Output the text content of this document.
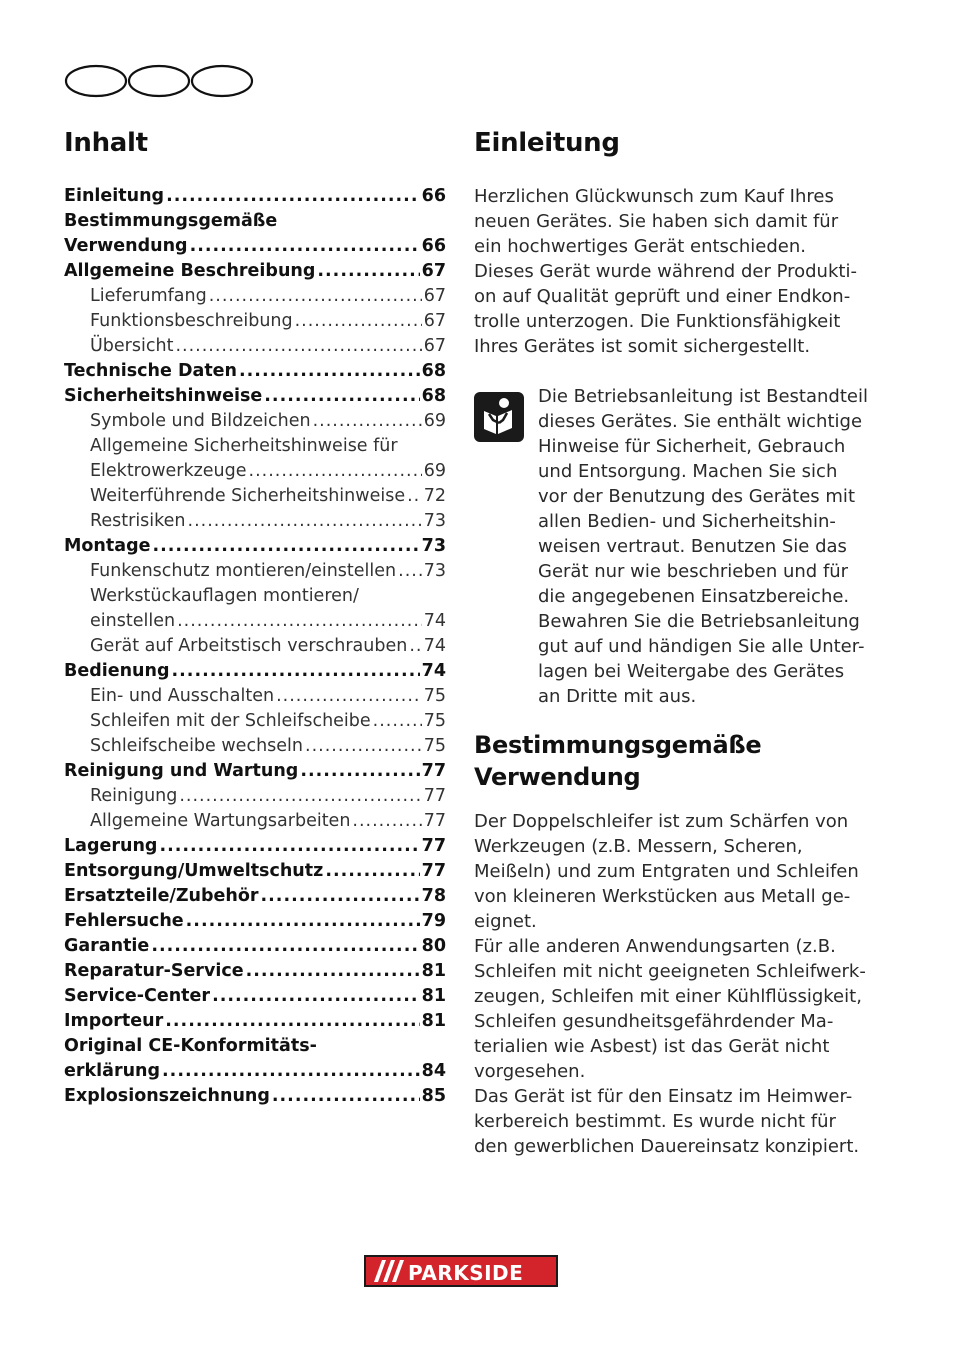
Inhalt
Einleitung .....	66
Bestimmungsgemäße
Verwendung .....	66
Allgemeine Beschreibung .....	67
Lieferumfang .....	67
Funktionsbeschreibung .....	67
Übersicht .....	67
Technische Daten .....	68
Sicherheitshinweise .....	68
Symbole und Bildzeichen .....	69
Allgemeine Sicherheitshinweise für
Elektrowerkzeuge .....	69
Weiterführende Sicherheitshinweise ..... 72
Restrisiken .....	73
Montage .....	73
Funkenschutz montieren/einstellen ..... 73
Werkstückauflagen montieren/
einstellen .....	74
Gerät auf Arbeitstisch verschrauben ..... 74
Bedienung .....	74
Ein- und Ausschalten .....	75
Schleifen mit der Schleifscheibe .....	75
Schleifscheibe wechseln .....	75
Reinigung und Wartung .....	77
Reinigung .....	77
Allgemeine Wartungsarbeiten .....	77
Lagerung .....	77
Entsorgung/Umweltschutz .....	77
Ersatzteile/Zubehör .....	78
Fehlersuche .....	79
Garantie .....	80
Reparatur-Service .....	81
Service-Center .....	81
Importeur .....	81
Original CE-Konformitäts-
erklärung .....	84
Explosionszeichnung .....	85
Einleitung

Herzlichen Glückwunsch zum Kauf Ihres
neuen Gerätes. Sie haben sich damit für
ein hochwertiges Gerät entschieden.
Dieses Gerät wurde während der Produkti-
on auf Qualität geprüft und einer Endkon-
trolle unterzogen. Die Funktionsfähigkeit
Ihres Gerätes ist somit sichergestellt.

Die Betriebsanleitung ist Bestandteil
dieses Gerätes. Sie enthält wichtige
Hinweise für Sicherheit, Gebrauch
und Entsorgung. Machen Sie sich
vor der Benutzung des Gerätes mit
allen Bedien- und Sicherheitshin-
weisen vertraut. Benutzen Sie das
Gerät nur wie beschrieben und für
die angegebenen Einsatzbereiche.
Bewahren Sie die Betriebsanleitung
gut auf und händigen Sie alle Unter-
lagen bei Weitergabe des Gerätes
an Dritte mit aus.

Bestimmungsgemäße
Verwendung

Der Doppelschleifer ist zum Schärfen von
Werkzeugen (z.B. Messern, Scheren,
Meißeln) und zum Entgraten und Schleifen
von kleineren Werkstücken aus Metall ge-
eignet.
Für alle anderen Anwendungsarten (z.B.
Schleifen mit nicht geeigneten Schleifwerk-
zeugen, Schleifen mit einer Kühlflüssigkeit,
Schleifen gesundheitsgefährdender Ma-
terialien wie Asbest) ist das Gerät nicht
vorgesehen.
Das Gerät ist für den Einsatz im Heimwer-
kerbereich bestimmt. Es wurde nicht für
den gewerblichen Dauereinsatz konzipiert.

PARKSIDE
